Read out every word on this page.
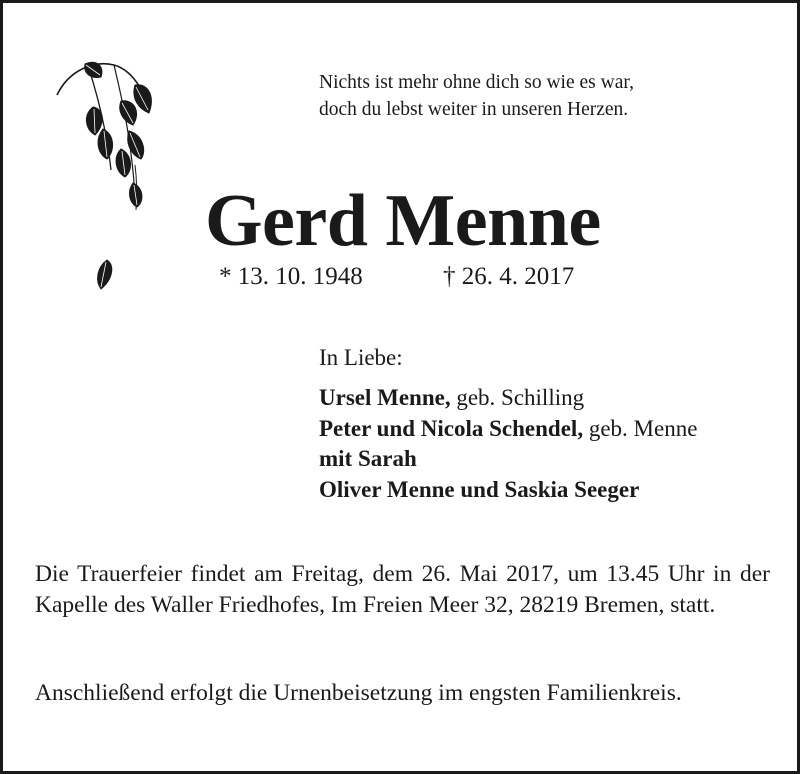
Nichts ist mehr ohne dich so wie es war,
doch du lebst weiter in unseren Herzen.
Gerd Menne
* 13. 10. 1948	† 26. 4. 2017
In Liebe:
Ursel Menne, geb. Schilling
Peter und Nicola Schendel, geb. Menne
mit Sarah
Oliver Menne und Saskia Seeger
Die Trauerfeier findet am Freitag, dem 26. Mai 2017, um 13.45 Uhr in der Kapelle des Waller Friedhofes, Im Freien Meer 32, 28219 Bremen, statt.
Anschließend erfolgt die Urnenbeisetzung im engsten Familienkreis.
